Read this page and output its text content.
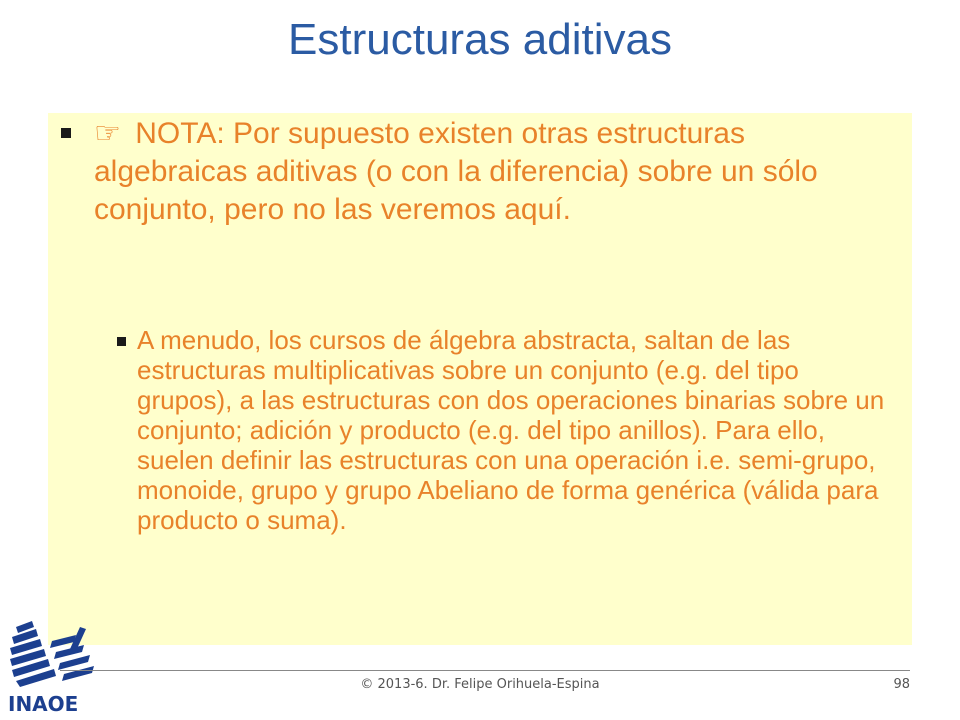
Estructuras aditivas
☞ NOTA: Por supuesto existen otras estructuras algebraicas aditivas (o con la diferencia) sobre un sólo conjunto, pero no las veremos aquí.
A menudo, los cursos de álgebra abstracta, saltan de las estructuras multiplicativas sobre un conjunto (e.g. del tipo grupos), a las estructuras con dos operaciones binarias sobre un conjunto; adición y producto (e.g. del tipo anillos). Para ello, suelen definir las estructuras con una operación i.e. semi-grupo, monoide, grupo y grupo Abeliano de forma genérica (válida para producto o suma).
INAOE
© 2013-6. Dr. Felipe Orihuela-Espina	98
